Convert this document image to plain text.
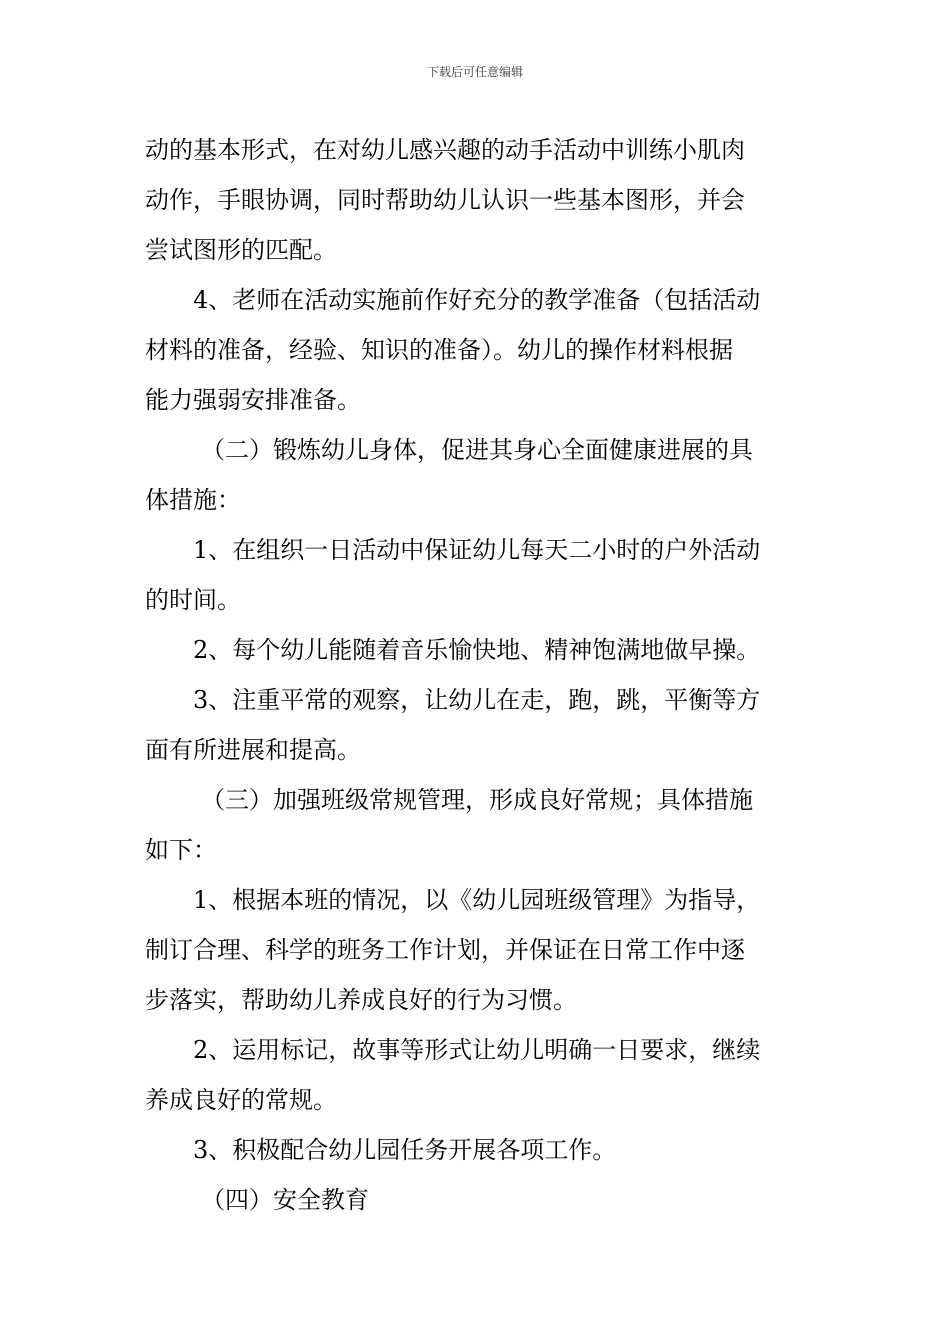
下载后可任意编辑
动的基本形式，在对幼儿感兴趣的动手活动中训练小肌肉
动作，手眼协调，同时帮助幼儿认识一些基本图形，并会
尝试图形的匹配。
4、老师在活动实施前作好充分的教学准备（包括活动
材料的准备，经验、知识的准备）。幼儿的操作材料根据
能力强弱安排准备。
（二）锻炼幼儿身体，促进其身心全面健康进展的具
体措施：
1、在组织一日活动中保证幼儿每天二小时的户外活动
的时间。
2、每个幼儿能随着音乐愉快地、精神饱满地做早操。
3、注重平常的观察，让幼儿在走，跑，跳，平衡等方
面有所进展和提高。
（三）加强班级常规管理，形成良好常规；具体措施
如下：
1、根据本班的情况，以《幼儿园班级管理》为指导，
制订合理、科学的班务工作计划，并保证在日常工作中逐
步落实，帮助幼儿养成良好的行为习惯。
2、运用标记，故事等形式让幼儿明确一日要求，继续
养成良好的常规。
3、积极配合幼儿园任务开展各项工作。
（四）安全教育
